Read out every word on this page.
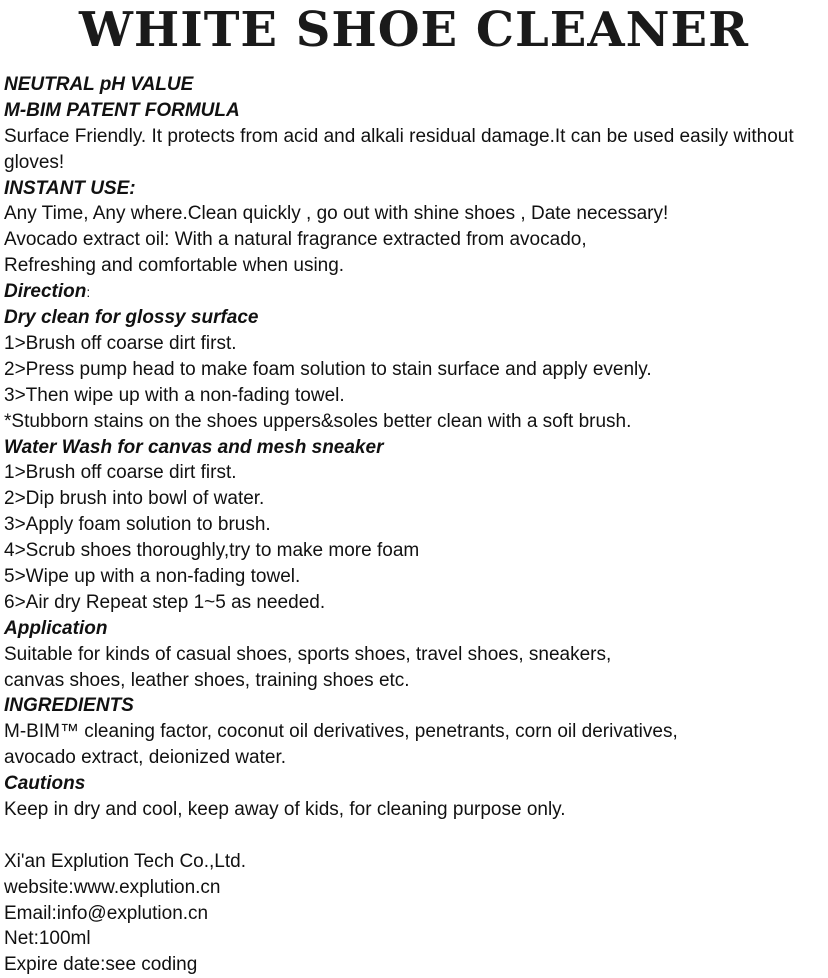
WHITE SHOE CLEANER
NEUTRAL pH VALUE
M-BIM PATENT FORMULA
Surface Friendly. It protects from acid and alkali residual damage.It can be used easily without gloves!
INSTANT USE:
Any Time, Any where.Clean quickly , go out with shine shoes , Date necessary!
Avocado extract oil: With a natural fragrance extracted from avocado,
Refreshing and comfortable when using.
Direction:
Dry clean for glossy surface
1>Brush off coarse dirt first.
2>Press pump head to make foam solution to stain surface and apply evenly.
3>Then wipe up with a non-fading towel.
*Stubborn stains on the shoes uppers&soles better clean with a soft brush.
Water Wash for canvas and mesh sneaker
1>Brush off coarse dirt first.
2>Dip brush into bowl of water.
3>Apply foam solution to brush.
4>Scrub shoes thoroughly,try to make more foam
5>Wipe up with a non-fading towel.
6>Air dry Repeat step 1~5 as needed.
Application
Suitable for kinds of casual shoes, sports shoes, travel shoes, sneakers,
canvas shoes, leather shoes, training shoes etc.
INGREDIENTS
M-BIM™ cleaning factor, coconut oil derivatives, penetrants, corn oil derivatives,
avocado extract, deionized water.
Cautions
Keep in dry and cool, keep away of kids, for cleaning purpose only.
Xi'an Explution Tech Co.,Ltd.
website:www.explution.cn
Email:info@explution.cn
Net:100ml
Expire date:see coding
